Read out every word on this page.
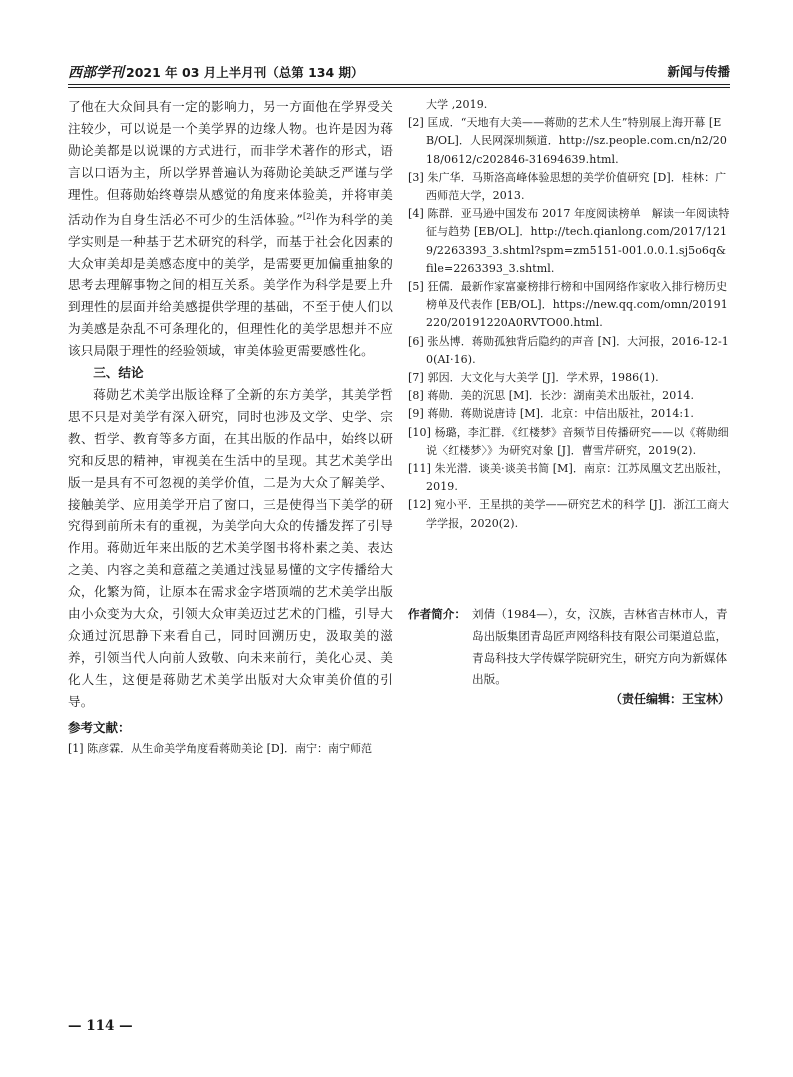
西部学刊 2021 年 03 月上半月刊（总第 134 期）	新闻与传播

了他在大众间具有一定的影响力，另一方面他在学界受关注较少，可以说是一个美学界的边缘人物。也许是因为蒋勋论美都是以说课的方式进行，而非学术著作的形式，语言以口语为主，所以学界普遍认为蒋勋论美缺乏严谨与学理性。但蒋勋始终尊崇从感觉的角度来体验美，并将审美活动作为自身生活必不可少的生活体验。”[2]作为科学的美学实则是一种基于艺术研究的科学，而基于社会化因素的大众审美却是美感态度中的美学，是需要更加偏重抽象的思考去理解事物之间的相互关系。美学作为科学是要上升到理性的层面并给美感提供学理的基础，不至于使人们以为美感是杂乱不可条理化的，但理性化的美学思想并不应该只局限于理性的经验领域，审美体验更需要感性化。

三、结论

蒋勋艺术美学出版诠释了全新的东方美学，其美学哲思不只是对美学有深入研究，同时也涉及文学、史学、宗教、哲学、教育等多方面，在其出版的作品中，始终以研究和反思的精神，审视美在生活中的呈现。其艺术美学出版一是具有不可忽视的美学价值，二是为大众了解美学、接触美学、应用美学开启了窗口，三是使得当下美学的研究得到前所未有的重视，为美学向大众的传播发挥了引导作用。蒋勋近年来出版的艺术美学图书将朴素之美、表达之美、内容之美和意蕴之美通过浅显易懂的文字传播给大众，化繁为简，让原本在需求金字塔顶端的艺术美学出版由小众变为大众，引领大众审美迈过艺术的门槛，引导大众通过沉思静下来看自己，同时回溯历史，汲取美的滋养，引领当代人向前人致敬、向未来前行，美化心灵、美化人生，这便是蒋勋艺术美学出版对大众审美价值的引导。

参考文献：
[1] 陈彦霖．从生命美学角度看蒋勋美论 [D]．南宁：南宁师范
大学 ,2019.
[2] 匡成．“天地有大美——蒋勋的艺术人生”特别展上海开幕 [EB/OL]．人民网深圳频道．http://sz.people.com.cn/n2/2018/0612/c202846-31694639.html.
[3] 朱广华．马斯洛高峰体验思想的美学价值研究 [D]．桂林：广西师范大学，2013.
[4] 陈群．亚马逊中国发布 2017 年度阅读榜单　解读一年阅读特征与趋势 [EB/OL]．http://tech.qianlong.com/2017/1219/2263393_3.shtml?spm=zm5151-001.0.0.1.sj5o6q&file=2263393_3.shtml.
[5] 狂儒．最新作家富豪榜排行榜和中国网络作家收入排行榜历史榜单及代表作 [EB/OL]．https://new.qq.com/omn/20191220/20191220A0RVTO00.html.
[6] 张丛博．蒋勋孤独背后隐约的声音 [N]．大河报，2016-12-10(AI·16).
[7] 郭因．大文化与大美学 [J]．学术界，1986(1).
[8] 蒋勋．美的沉思 [M]．长沙：湖南美术出版社，2014.
[9] 蒋勋．蒋勋说唐诗 [M]．北京：中信出版社，2014:1.
[10] 杨璐，李汇群．《红楼梦》音频节目传播研究——以《蒋勋细说〈红楼梦〉》为研究对象 [J]．曹雪芹研究，2019(2).
[11] 朱光潜．谈美·谈美书简 [M]．南京：江苏凤凰文艺出版社，2019.
[12] 宛小平．王星拱的美学——研究艺术的科学 [J]．浙江工商大学学报，2020(2).
作者简介： 刘倩（1984—），女，汉族，吉林省吉林市人，青岛出版集团青岛匠声网络科技有限公司渠道总监，青岛科技大学传媒学院研究生，研究方向为新媒体出版。
（责任编辑：王宝林）
— 114 —
